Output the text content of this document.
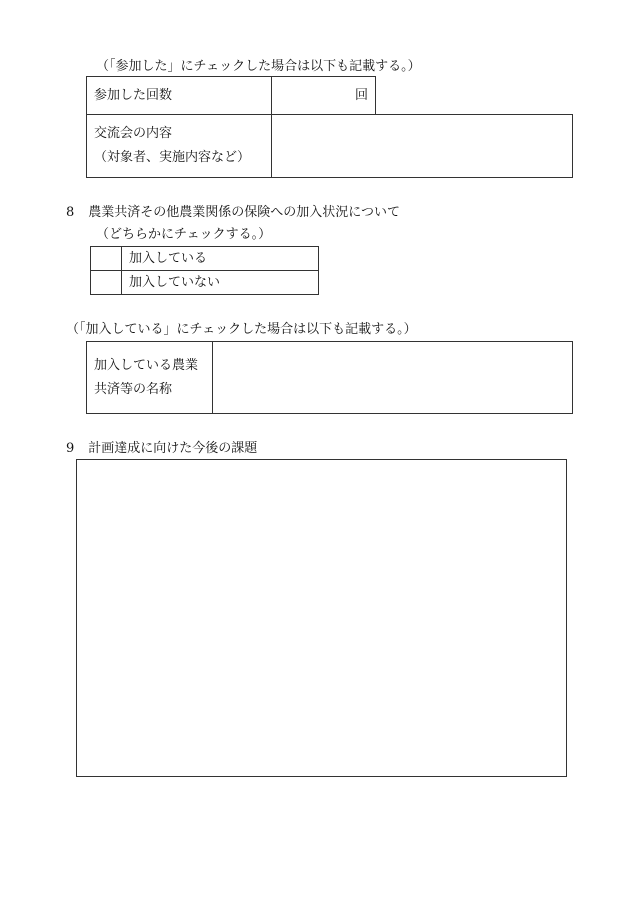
（「参加した」にチェックした場合は以下も記載する。）
参加した回数	回
交流会の内容
（対象者、実施内容など）

8 農業共済その他農業関係の保険への加入状況について
（どちらかにチェックする。）
	加入している
	加入していない
（「加入している」にチェックした場合は以下も記載する。）
加入している農業
共済等の名称

9 計画達成に向けた今後の課題
